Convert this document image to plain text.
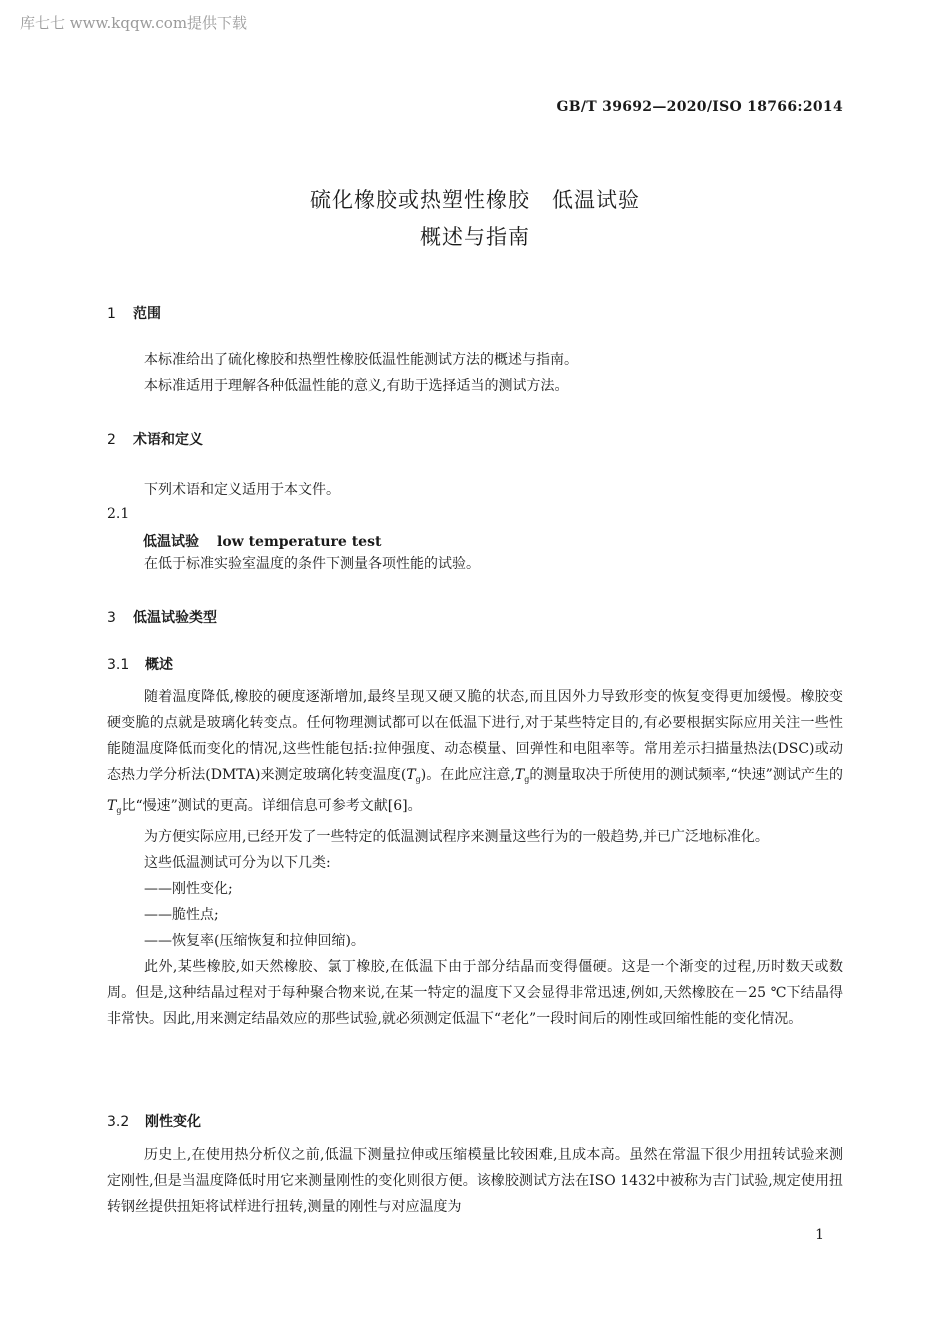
库七七 www.kqqw.com提供下载
GB/T 39692—2020/ISO 18766:2014
硫化橡胶或热塑性橡胶　低温试验
概述与指南
1 范围

本标准给出了硫化橡胶和热塑性橡胶低温性能测试方法的概述与指南。

本标准适用于理解各种低温性能的意义,有助于选择适当的测试方法。

2 术语和定义

下列术语和定义适用于本文件。

2.1
低温试验 low temperature test

在低于标准实验室温度的条件下测量各项性能的试验。

3 低温试验类型
3.1 概述

随着温度降低,橡胶的硬度逐渐增加,最终呈现又硬又脆的状态,而且因外力导致形变的恢复变得更加缓慢。橡胶变硬变脆的点就是玻璃化转变点。任何物理测试都可以在低温下进行,对于某些特定目的,有必要根据实际应用关注一些性能随温度降低而变化的情况,这些性能包括:拉伸强度、动态模量、回弹性和电阻率等。常用差示扫描量热法(DSC)或动态热力学分析法(DMTA)来测定玻璃化转变温度$(T_g)$。在此应注意$,T_g$的测量取决于所使用的测试频率,“快速”测试产生的 $T_g$比“慢速”测试的更高。详细信息可参考文献[6]。

为方便实际应用,已经开发了一些特定的低温测试程序来测量这些行为的一般趋势,并已广泛地标准化。

这些低温测试可分为以下几类:

——刚性变化;

——脆性点;

——恢复率(压缩恢复和拉伸回缩)。

此外,某些橡胶,如天然橡胶、氯丁橡胶,在低温下由于部分结晶而变得僵硬。这是一个渐变的过程,历时数天或数周。但是,这种结晶过程对于每种聚合物来说,在某一特定的温度下又会显得非常迅速,例如,天然橡胶在－25 ℃下结晶得非常快。因此,用来测定结晶效应的那些试验,就必须测定低温下“老化”一段时间后的刚性或回缩性能的变化情况。

3.2 刚性变化

历史上,在使用热分析仪之前,低温下测量拉伸或压缩模量比较困难,且成本高。虽然在常温下很少用扭转试验来测定刚性,但是当温度降低时用它来测量刚性的变化则很方便。该橡胶测试方法在ISO 1432中被称为吉门试验,规定使用扭转钢丝提供扭矩将试样进行扭转,测量的刚性与对应温度为

1
